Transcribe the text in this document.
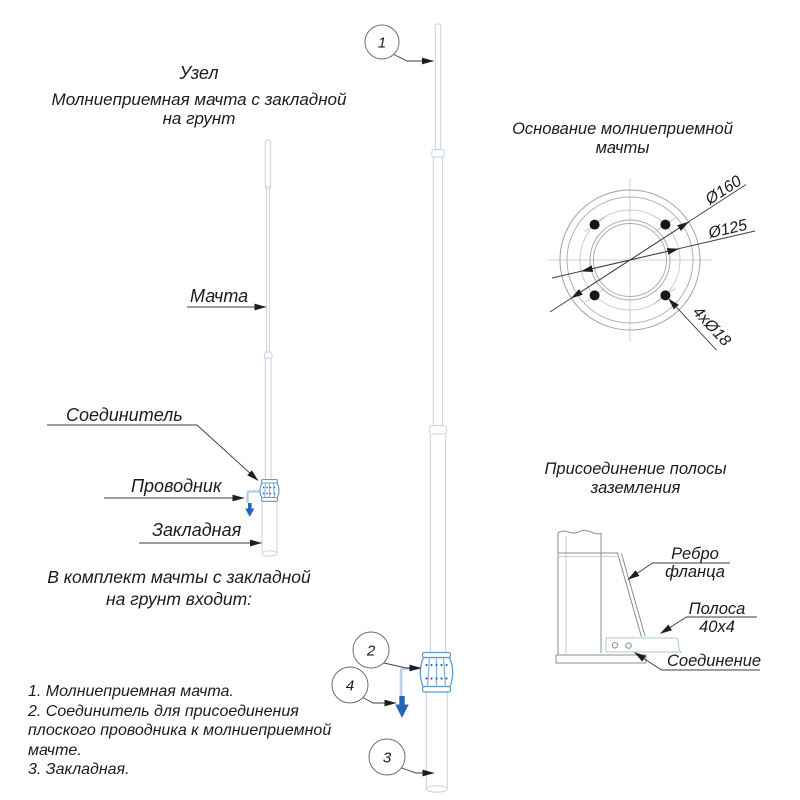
Узел
Молниеприемная мачта с закладной
на грунт
Основание молниеприемной
мачты
Присоединение полосы
заземления
Мачта
Соединитель
Проводник
Закладная
В комплект мачты с закладной
на грунт входит:
1. Молниеприемная мачта.
2. Соединитель для присоединения плоского проводника к молниеприемной мачте.
3. Закладная.
Ø160
Ø125
4xØ18
Ребро
фланца
Полоса
40x4
Соединение
1
2
4
3
